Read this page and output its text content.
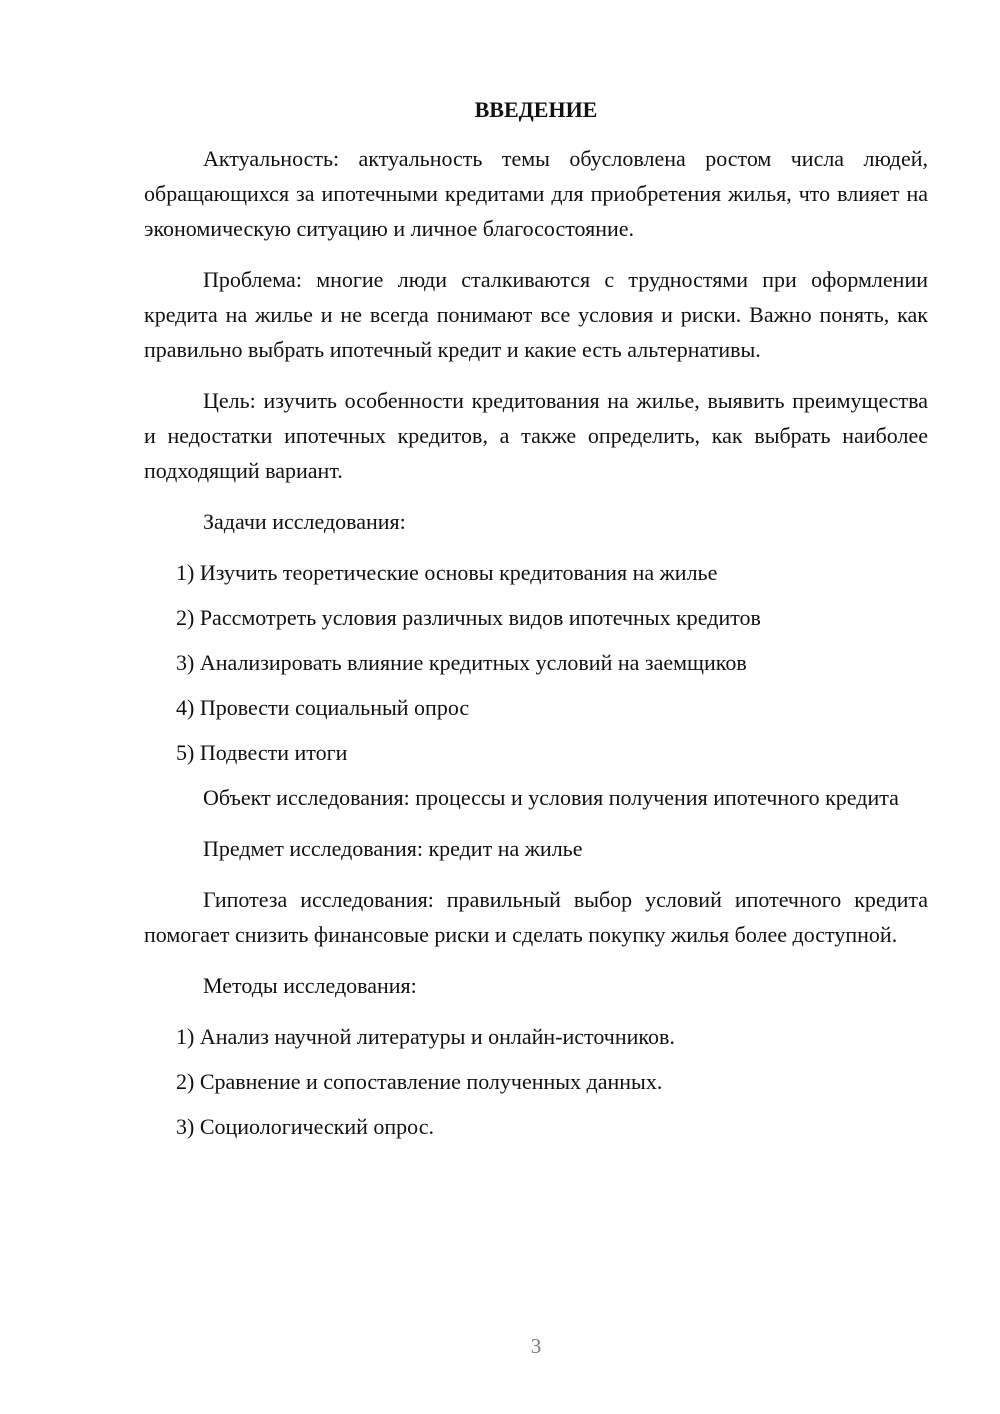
ВВЕДЕНИЕ

Актуальность: актуальность темы обусловлена ростом числа людей, обращающихся за ипотечными кредитами для приобретения жилья, что влияет на экономическую ситуацию и личное благосостояние.

Проблема: многие люди сталкиваются с трудностями при оформлении кредита на жилье и не всегда понимают все условия и риски. Важно понять, как правильно выбрать ипотечный кредит и какие есть альтернативы.

Цель: изучить особенности кредитования на жилье, выявить преимущества и недостатки ипотечных кредитов, а также определить, как выбрать наиболее подходящий вариант.

Задачи исследования:

1) Изучить теоретические основы кредитования на жилье

2) Рассмотреть условия различных видов ипотечных кредитов

3) Анализировать влияние кредитных условий на заемщиков

4) Провести социальный опрос

5) Подвести итоги

Объект исследования: процессы и условия получения ипотечного кредита

Предмет исследования: кредит на жилье

Гипотеза исследования: правильный выбор условий ипотечного кредита помогает снизить финансовые риски и сделать покупку жилья более доступной.

Методы исследования:

1) Анализ научной литературы и онлайн-источников.

2) Сравнение и сопоставление полученных данных.

3) Социологический опрос.

3
